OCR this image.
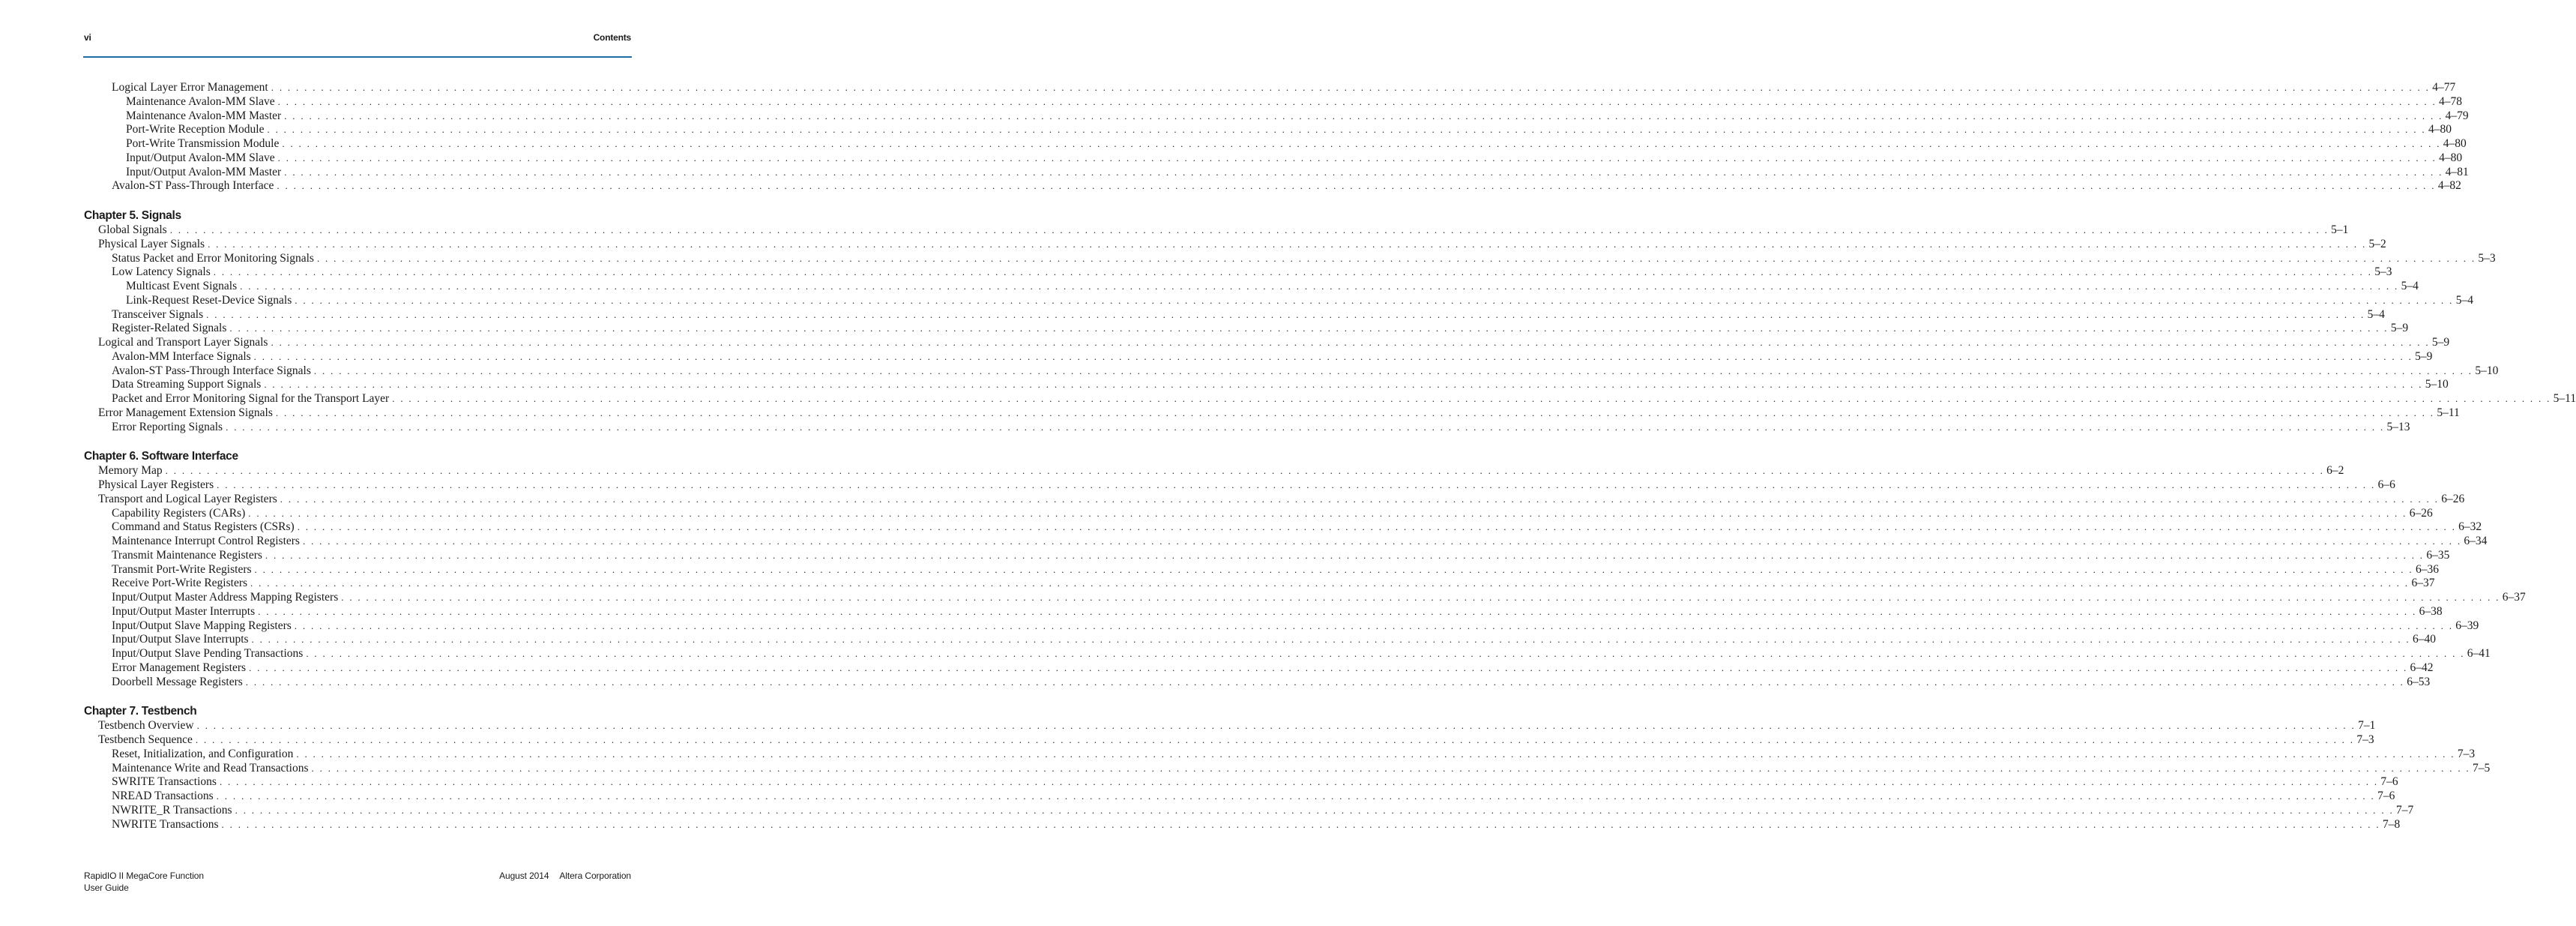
vi	Contents
Logical Layer Error Management . . . . . . . . . . . . . . . . . . . . . . . . . . . . . . . . . . . . . . . . . . . . . . . . . . . . . . . . . . . . . . . . . . . . . . . . . . . . . . . . . . . . . . . . . . . . . . . . . . . . . . . . . . . . . . . . . . . . . . . . . . . . . . . . . . . . . . . . . . . . . . . . . . . . . . . . . . . . . . . . . . . . . . . . . . . . . . . . . . . . . . . . . . . . . . . . . . . . . . . . . . . . . . . . . . . . . . . . . . . . . . . . . . . . . . . . . . . . . . . . . . . . . . . . . . . . . . . . . . . . 4–77
Maintenance Avalon-MM Slave . . . . . . . . . . . . . . . . . . . . . . . . . . . . . . . . . . . . . . . . . . . . . . . . . . . . . . . . . . . . . . . . . . . . . . . . . . . . . . . . . . . . . . . . . . . . . . . . . . . . . . . . . . . . . . . . . . . . . . . . . . . . . . . . . . . . . . . . . . . . . . . . . . . . . . . . . . . . . . . . . . . . . . . . . . . . . . . . . . . . . . . . . . . . . . . . . . . . . . . . . . . . . . . . . . . . . . . . . . . . . . . . . . . . . . . . . . . . . . . . . . . . . . . . . . . . . . . . . . . . 4–78
Maintenance Avalon-MM Master . . . . . . . . . . . . . . . . . . . . . . . . . . . . . . . . . . . . . . . . . . . . . . . . . . . . . . . . . . . . . . . . . . . . . . . . . . . . . . . . . . . . . . . . . . . . . . . . . . . . . . . . . . . . . . . . . . . . . . . . . . . . . . . . . . . . . . . . . . . . . . . . . . . . . . . . . . . . . . . . . . . . . . . . . . . . . . . . . . . . . . . . . . . . . . . . . . . . . . . . . . . . . . . . . . . . . . . . . . . . . . . . . . . . . . . . . . . . . . . . . . . . . . . . . . . . . . . . . . . . 4–79
Port-Write Reception Module . . . . . . . . . . . . . . . . . . . . . . . . . . . . . . . . . . . . . . . . . . . . . . . . . . . . . . . . . . . . . . . . . . . . . . . . . . . . . . . . . . . . . . . . . . . . . . . . . . . . . . . . . . . . . . . . . . . . . . . . . . . . . . . . . . . . . . . . . . . . . . . . . . . . . . . . . . . . . . . . . . . . . . . . . . . . . . . . . . . . . . . . . . . . . . . . . . . . . . . . . . . . . . . . . . . . . . . . . . . . . . . . . . . . . . . . . . . . . . . . . . . . . . . . . . . . . . . . . . . . 4–80
Port-Write Transmission Module . . . . . . . . . . . . . . . . . . . . . . . . . . . . . . . . . . . . . . . . . . . . . . . . . . . . . . . . . . . . . . . . . . . . . . . . . . . . . . . . . . . . . . . . . . . . . . . . . . . . . . . . . . . . . . . . . . . . . . . . . . . . . . . . . . . . . . . . . . . . . . . . . . . . . . . . . . . . . . . . . . . . . . . . . . . . . . . . . . . . . . . . . . . . . . . . . . . . . . . . . . . . . . . . . . . . . . . . . . . . . . . . . . . . . . . . . . . . . . . . . . . . . . . . . . . . . . . . . . . . 4–80
Input/Output Avalon-MM Slave . . . . . . . . . . . . . . . . . . . . . . . . . . . . . . . . . . . . . . . . . . . . . . . . . . . . . . . . . . . . . . . . . . . . . . . . . . . . . . . . . . . . . . . . . . . . . . . . . . . . . . . . . . . . . . . . . . . . . . . . . . . . . . . . . . . . . . . . . . . . . . . . . . . . . . . . . . . . . . . . . . . . . . . . . . . . . . . . . . . . . . . . . . . . . . . . . . . . . . . . . . . . . . . . . . . . . . . . . . . . . . . . . . . . . . . . . . . . . . . . . . . . . . . . . . . . . . . . . . . . 4–80
Input/Output Avalon-MM Master . . . . . . . . . . . . . . . . . . . . . . . . . . . . . . . . . . . . . . . . . . . . . . . . . . . . . . . . . . . . . . . . . . . . . . . . . . . . . . . . . . . . . . . . . . . . . . . . . . . . . . . . . . . . . . . . . . . . . . . . . . . . . . . . . . . . . . . . . . . . . . . . . . . . . . . . . . . . . . . . . . . . . . . . . . . . . . . . . . . . . . . . . . . . . . . . . . . . . . . . . . . . . . . . . . . . . . . . . . . . . . . . . . . . . . . . . . . . . . . . . . . . . . . . . . . . . . . . . . . . 4–81
Avalon-ST Pass-Through Interface . . . . . . . . . . . . . . . . . . . . . . . . . . . . . . . . . . . . . . . . . . . . . . . . . . . . . . . . . . . . . . . . . . . . . . . . . . . . . . . . . . . . . . . . . . . . . . . . . . . . . . . . . . . . . . . . . . . . . . . . . . . . . . . . . . . . . . . . . . . . . . . . . . . . . . . . . . . . . . . . . . . . . . . . . . . . . . . . . . . . . . . . . . . . . . . . . . . . . . . . . . . . . . . . . . . . . . . . . . . . . . . . . . . . . . . . . . . . . . . . . . . . . . . . . . . . . . . . . . . . 4–82
Chapter 5. Signals
Global Signals . . . . . . . . . . . . . . . . . . . . . . . . . . . . . . . . . . . . . . . . . . . . . . . . . . . . . . . . . . . . . . . . . . . . . . . . . . . . . . . . . . . . . . . . . . . . . . . . . . . . . . . . . . . . . . . . . . . . . . . . . . . . . . . . . . . . . . . . . . . . . . . . . . . . . . . . . . . . . . . . . . . . . . . . . . . . . . . . . . . . . . . . . . . . . . . . . . . . . . . . . . . . . . . . . . . . . . . . . . . . . . . . . . . . . . . . . . . . . . . . . . . . . . . . . . . . . . . . . . . . 5–1
Physical Layer Signals . . . . . . . . . . . . . . . . . . . . . . . . . . . . . . . . . . . . . . . . . . . . . . . . . . . . . . . . . . . . . . . . . . . . . . . . . . . . . . . . . . . . . . . . . . . . . . . . . . . . . . . . . . . . . . . . . . . . . . . . . . . . . . . . . . . . . . . . . . . . . . . . . . . . . . . . . . . . . . . . . . . . . . . . . . . . . . . . . . . . . . . . . . . . . . . . . . . . . . . . . . . . . . . . . . . . . . . . . . . . . . . . . . . . . . . . . . . . . . . . . . . . . . . . . . . . . . . . . . . . 5–2
Status Packet and Error Monitoring Signals . . . . . . . . . . . . . . . . . . . . . . . . . . . . . . . . . . . . . . . . . . . . . . . . . . . . . . . . . . . . . . . . . . . . . . . . . . . . . . . . . . . . . . . . . . . . . . . . . . . . . . . . . . . . . . . . . . . . . . . . . . . . . . . . . . . . . . . . . . . . . . . . . . . . . . . . . . . . . . . . . . . . . . . . . . . . . . . . . . . . . . . . . . . . . . . . . . . . . . . . . . . . . . . . . . . . . . . . . . . . . . . . . . . . . . . . . . . . . . . . . . . . . . . . . . . . . . . . . . . . 5–3
Low Latency Signals . . . . . . . . . . . . . . . . . . . . . . . . . . . . . . . . . . . . . . . . . . . . . . . . . . . . . . . . . . . . . . . . . . . . . . . . . . . . . . . . . . . . . . . . . . . . . . . . . . . . . . . . . . . . . . . . . . . . . . . . . . . . . . . . . . . . . . . . . . . . . . . . . . . . . . . . . . . . . . . . . . . . . . . . . . . . . . . . . . . . . . . . . . . . . . . . . . . . . . . . . . . . . . . . . . . . . . . . . . . . . . . . . . . . . . . . . . . . . . . . . . . . . . . . . . . . . . . . . . . . 5–3
Multicast Event Signals . . . . . . . . . . . . . . . . . . . . . . . . . . . . . . . . . . . . . . . . . . . . . . . . . . . . . . . . . . . . . . . . . . . . . . . . . . . . . . . . . . . . . . . . . . . . . . . . . . . . . . . . . . . . . . . . . . . . . . . . . . . . . . . . . . . . . . . . . . . . . . . . . . . . . . . . . . . . . . . . . . . . . . . . . . . . . . . . . . . . . . . . . . . . . . . . . . . . . . . . . . . . . . . . . . . . . . . . . . . . . . . . . . . . . . . . . . . . . . . . . . . . . . . . . . . . . . . . . . . . 5–4
Link-Request Reset-Device Signals . . . . . . . . . . . . . . . . . . . . . . . . . . . . . . . . . . . . . . . . . . . . . . . . . . . . . . . . . . . . . . . . . . . . . . . . . . . . . . . . . . . . . . . . . . . . . . . . . . . . . . . . . . . . . . . . . . . . . . . . . . . . . . . . . . . . . . . . . . . . . . . . . . . . . . . . . . . . . . . . . . . . . . . . . . . . . . . . . . . . . . . . . . . . . . . . . . . . . . . . . . . . . . . . . . . . . . . . . . . . . . . . . . . . . . . . . . . . . . . . . . . . . . . . . . . . . . . . . . . . 5–4
Transceiver Signals . . . . . . . . . . . . . . . . . . . . . . . . . . . . . . . . . . . . . . . . . . . . . . . . . . . . . . . . . . . . . . . . . . . . . . . . . . . . . . . . . . . . . . . . . . . . . . . . . . . . . . . . . . . . . . . . . . . . . . . . . . . . . . . . . . . . . . . . . . . . . . . . . . . . . . . . . . . . . . . . . . . . . . . . . . . . . . . . . . . . . . . . . . . . . . . . . . . . . . . . . . . . . . . . . . . . . . . . . . . . . . . . . . . . . . . . . . . . . . . . . . . . . . . . . . . . . . . . . . . . 5–4
Register-Related Signals . . . . . . . . . . . . . . . . . . . . . . . . . . . . . . . . . . . . . . . . . . . . . . . . . . . . . . . . . . . . . . . . . . . . . . . . . . . . . . . . . . . . . . . . . . . . . . . . . . . . . . . . . . . . . . . . . . . . . . . . . . . . . . . . . . . . . . . . . . . . . . . . . . . . . . . . . . . . . . . . . . . . . . . . . . . . . . . . . . . . . . . . . . . . . . . . . . . . . . . . . . . . . . . . . . . . . . . . . . . . . . . . . . . . . . . . . . . . . . . . . . . . . . . . . . . . . . . . . . . . 5–9
Logical and Transport Layer Signals . . . . . . . . . . . . . . . . . . . . . . . . . . . . . . . . . . . . . . . . . . . . . . . . . . . . . . . . . . . . . . . . . . . . . . . . . . . . . . . . . . . . . . . . . . . . . . . . . . . . . . . . . . . . . . . . . . . . . . . . . . . . . . . . . . . . . . . . . . . . . . . . . . . . . . . . . . . . . . . . . . . . . . . . . . . . . . . . . . . . . . . . . . . . . . . . . . . . . . . . . . . . . . . . . . . . . . . . . . . . . . . . . . . . . . . . . . . . . . . . . . . . . . . . . . . . . . . . . . . . 5–9
Avalon-MM Interface Signals . . . . . . . . . . . . . . . . . . . . . . . . . . . . . . . . . . . . . . . . . . . . . . . . . . . . . . . . . . . . . . . . . . . . . . . . . . . . . . . . . . . . . . . . . . . . . . . . . . . . . . . . . . . . . . . . . . . . . . . . . . . . . . . . . . . . . . . . . . . . . . . . . . . . . . . . . . . . . . . . . . . . . . . . . . . . . . . . . . . . . . . . . . . . . . . . . . . . . . . . . . . . . . . . . . . . . . . . . . . . . . . . . . . . . . . . . . . . . . . . . . . . . . . . . . . . . . . . . . . . 5–9
Avalon-ST Pass-Through Interface Signals . . . . . . . . . . . . . . . . . . . . . . . . . . . . . . . . . . . . . . . . . . . . . . . . . . . . . . . . . . . . . . . . . . . . . . . . . . . . . . . . . . . . . . . . . . . . . . . . . . . . . . . . . . . . . . . . . . . . . . . . . . . . . . . . . . . . . . . . . . . . . . . . . . . . . . . . . . . . . . . . . . . . . . . . . . . . . . . . . . . . . . . . . . . . . . . . . . . . . . . . . . . . . . . . . . . . . . . . . . . . . . . . . . . . . . . . . . . . . . . . . . . . . . . . . . . . . . . . . . . . 5–10
Data Streaming Support Signals . . . . . . . . . . . . . . . . . . . . . . . . . . . . . . . . . . . . . . . . . . . . . . . . . . . . . . . . . . . . . . . . . . . . . . . . . . . . . . . . . . . . . . . . . . . . . . . . . . . . . . . . . . . . . . . . . . . . . . . . . . . . . . . . . . . . . . . . . . . . . . . . . . . . . . . . . . . . . . . . . . . . . . . . . . . . . . . . . . . . . . . . . . . . . . . . . . . . . . . . . . . . . . . . . . . . . . . . . . . . . . . . . . . . . . . . . . . . . . . . . . . . . . . . . . . . . . . . . . . . 5–10
Packet and Error Monitoring Signal for the Transport Layer . . . . . . . . . . . . . . . . . . . . . . . . . . . . . . . . . . . . . . . . . . . . . . . . . . . . . . . . . . . . . . . . . . . . . . . . . . . . . . . . . . . . . . . . . . . . . . . . . . . . . . . . . . . . . . . . . . . . . . . . . . . . . . . . . . . . . . . . . . . . . . . . . . . . . . . . . . . . . . . . . . . . . . . . . . . . . . . . . . . . . . . . . . . . . . . . . . . . . . . . . . . . . . . . . . . . . . . . . . . . . . . . . . . . . . . . . . . . . . . . . . . . . . . . . . . . . . . . . . . . 5–11
Error Management Extension Signals . . . . . . . . . . . . . . . . . . . . . . . . . . . . . . . . . . . . . . . . . . . . . . . . . . . . . . . . . . . . . . . . . . . . . . . . . . . . . . . . . . . . . . . . . . . . . . . . . . . . . . . . . . . . . . . . . . . . . . . . . . . . . . . . . . . . . . . . . . . . . . . . . . . . . . . . . . . . . . . . . . . . . . . . . . . . . . . . . . . . . . . . . . . . . . . . . . . . . . . . . . . . . . . . . . . . . . . . . . . . . . . . . . . . . . . . . . . . . . . . . . . . . . . . . . . . . . . . . . . . 5–11
Error Reporting Signals . . . . . . . . . . . . . . . . . . . . . . . . . . . . . . . . . . . . . . . . . . . . . . . . . . . . . . . . . . . . . . . . . . . . . . . . . . . . . . . . . . . . . . . . . . . . . . . . . . . . . . . . . . . . . . . . . . . . . . . . . . . . . . . . . . . . . . . . . . . . . . . . . . . . . . . . . . . . . . . . . . . . . . . . . . . . . . . . . . . . . . . . . . . . . . . . . . . . . . . . . . . . . . . . . . . . . . . . . . . . . . . . . . . . . . . . . . . . . . . . . . . . . . . . . . . . . . . . . . . . 5–13
Chapter 6. Software Interface
Memory Map . . . . . . . . . . . . . . . . . . . . . . . . . . . . . . . . . . . . . . . . . . . . . . . . . . . . . . . . . . . . . . . . . . . . . . . . . . . . . . . . . . . . . . . . . . . . . . . . . . . . . . . . . . . . . . . . . . . . . . . . . . . . . . . . . . . . . . . . . . . . . . . . . . . . . . . . . . . . . . . . . . . . . . . . . . . . . . . . . . . . . . . . . . . . . . . . . . . . . . . . . . . . . . . . . . . . . . . . . . . . . . . . . . . . . . . . . . . . . . . . . . . . . . . . . . . . . . . . . . . . 6–2
Physical Layer Registers . . . . . . . . . . . . . . . . . . . . . . . . . . . . . . . . . . . . . . . . . . . . . . . . . . . . . . . . . . . . . . . . . . . . . . . . . . . . . . . . . . . . . . . . . . . . . . . . . . . . . . . . . . . . . . . . . . . . . . . . . . . . . . . . . . . . . . . . . . . . . . . . . . . . . . . . . . . . . . . . . . . . . . . . . . . . . . . . . . . . . . . . . . . . . . . . . . . . . . . . . . . . . . . . . . . . . . . . . . . . . . . . . . . . . . . . . . . . . . . . . . . . . . . . . . . . . . . . . . . . 6–6
Transport and Logical Layer Registers . . . . . . . . . . . . . . . . . . . . . . . . . . . . . . . . . . . . . . . . . . . . . . . . . . . . . . . . . . . . . . . . . . . . . . . . . . . . . . . . . . . . . . . . . . . . . . . . . . . . . . . . . . . . . . . . . . . . . . . . . . . . . . . . . . . . . . . . . . . . . . . . . . . . . . . . . . . . . . . . . . . . . . . . . . . . . . . . . . . . . . . . . . . . . . . . . . . . . . . . . . . . . . . . . . . . . . . . . . . . . . . . . . . . . . . . . . . . . . . . . . . . . . . . . . . . . . . . . . . . 6–26
Capability Registers (CARs) . . . . . . . . . . . . . . . . . . . . . . . . . . . . . . . . . . . . . . . . . . . . . . . . . . . . . . . . . . . . . . . . . . . . . . . . . . . . . . . . . . . . . . . . . . . . . . . . . . . . . . . . . . . . . . . . . . . . . . . . . . . . . . . . . . . . . . . . . . . . . . . . . . . . . . . . . . . . . . . . . . . . . . . . . . . . . . . . . . . . . . . . . . . . . . . . . . . . . . . . . . . . . . . . . . . . . . . . . . . . . . . . . . . . . . . . . . . . . . . . . . . . . . . . . . . . . . . . . . . . 6–26
Command and Status Registers (CSRs) . . . . . . . . . . . . . . . . . . . . . . . . . . . . . . . . . . . . . . . . . . . . . . . . . . . . . . . . . . . . . . . . . . . . . . . . . . . . . . . . . . . . . . . . . . . . . . . . . . . . . . . . . . . . . . . . . . . . . . . . . . . . . . . . . . . . . . . . . . . . . . . . . . . . . . . . . . . . . . . . . . . . . . . . . . . . . . . . . . . . . . . . . . . . . . . . . . . . . . . . . . . . . . . . . . . . . . . . . . . . . . . . . . . . . . . . . . . . . . . . . . . . . . . . . . . . . . . . . . . . 6–32
Maintenance Interrupt Control Registers . . . . . . . . . . . . . . . . . . . . . . . . . . . . . . . . . . . . . . . . . . . . . . . . . . . . . . . . . . . . . . . . . . . . . . . . . . . . . . . . . . . . . . . . . . . . . . . . . . . . . . . . . . . . . . . . . . . . . . . . . . . . . . . . . . . . . . . . . . . . . . . . . . . . . . . . . . . . . . . . . . . . . . . . . . . . . . . . . . . . . . . . . . . . . . . . . . . . . . . . . . . . . . . . . . . . . . . . . . . . . . . . . . . . . . . . . . . . . . . . . . . . . . . . . . . . . . . . . . . . 6–34
Transmit Maintenance Registers . . . . . . . . . . . . . . . . . . . . . . . . . . . . . . . . . . . . . . . . . . . . . . . . . . . . . . . . . . . . . . . . . . . . . . . . . . . . . . . . . . . . . . . . . . . . . . . . . . . . . . . . . . . . . . . . . . . . . . . . . . . . . . . . . . . . . . . . . . . . . . . . . . . . . . . . . . . . . . . . . . . . . . . . . . . . . . . . . . . . . . . . . . . . . . . . . . . . . . . . . . . . . . . . . . . . . . . . . . . . . . . . . . . . . . . . . . . . . . . . . . . . . . . . . . . . . . . . . . . . 6–35
Transmit Port-Write Registers . . . . . . . . . . . . . . . . . . . . . . . . . . . . . . . . . . . . . . . . . . . . . . . . . . . . . . . . . . . . . . . . . . . . . . . . . . . . . . . . . . . . . . . . . . . . . . . . . . . . . . . . . . . . . . . . . . . . . . . . . . . . . . . . . . . . . . . . . . . . . . . . . . . . . . . . . . . . . . . . . . . . . . . . . . . . . . . . . . . . . . . . . . . . . . . . . . . . . . . . . . . . . . . . . . . . . . . . . . . . . . . . . . . . . . . . . . . . . . . . . . . . . . . . . . . . . . . . . . . . 6–36
Receive Port-Write Registers . . . . . . . . . . . . . . . . . . . . . . . . . . . . . . . . . . . . . . . . . . . . . . . . . . . . . . . . . . . . . . . . . . . . . . . . . . . . . . . . . . . . . . . . . . . . . . . . . . . . . . . . . . . . . . . . . . . . . . . . . . . . . . . . . . . . . . . . . . . . . . . . . . . . . . . . . . . . . . . . . . . . . . . . . . . . . . . . . . . . . . . . . . . . . . . . . . . . . . . . . . . . . . . . . . . . . . . . . . . . . . . . . . . . . . . . . . . . . . . . . . . . . . . . . . . . . . . . . . . . 6–37
Input/Output Master Address Mapping Registers . . . . . . . . . . . . . . . . . . . . . . . . . . . . . . . . . . . . . . . . . . . . . . . . . . . . . . . . . . . . . . . . . . . . . . . . . . . . . . . . . . . . . . . . . . . . . . . . . . . . . . . . . . . . . . . . . . . . . . . . . . . . . . . . . . . . . . . . . . . . . . . . . . . . . . . . . . . . . . . . . . . . . . . . . . . . . . . . . . . . . . . . . . . . . . . . . . . . . . . . . . . . . . . . . . . . . . . . . . . . . . . . . . . . . . . . . . . . . . . . . . . . . . . . . . . . . . . . . . . . 6–37
Input/Output Master Interrupts . . . . . . . . . . . . . . . . . . . . . . . . . . . . . . . . . . . . . . . . . . . . . . . . . . . . . . . . . . . . . . . . . . . . . . . . . . . . . . . . . . . . . . . . . . . . . . . . . . . . . . . . . . . . . . . . . . . . . . . . . . . . . . . . . . . . . . . . . . . . . . . . . . . . . . . . . . . . . . . . . . . . . . . . . . . . . . . . . . . . . . . . . . . . . . . . . . . . . . . . . . . . . . . . . . . . . . . . . . . . . . . . . . . . . . . . . . . . . . . . . . . . . . . . . . . . . . . . . . . . 6–38
Input/Output Slave Mapping Registers . . . . . . . . . . . . . . . . . . . . . . . . . . . . . . . . . . . . . . . . . . . . . . . . . . . . . . . . . . . . . . . . . . . . . . . . . . . . . . . . . . . . . . . . . . . . . . . . . . . . . . . . . . . . . . . . . . . . . . . . . . . . . . . . . . . . . . . . . . . . . . . . . . . . . . . . . . . . . . . . . . . . . . . . . . . . . . . . . . . . . . . . . . . . . . . . . . . . . . . . . . . . . . . . . . . . . . . . . . . . . . . . . . . . . . . . . . . . . . . . . . . . . . . . . . . . . . . . . . . . 6–39
Input/Output Slave Interrupts . . . . . . . . . . . . . . . . . . . . . . . . . . . . . . . . . . . . . . . . . . . . . . . . . . . . . . . . . . . . . . . . . . . . . . . . . . . . . . . . . . . . . . . . . . . . . . . . . . . . . . . . . . . . . . . . . . . . . . . . . . . . . . . . . . . . . . . . . . . . . . . . . . . . . . . . . . . . . . . . . . . . . . . . . . . . . . . . . . . . . . . . . . . . . . . . . . . . . . . . . . . . . . . . . . . . . . . . . . . . . . . . . . . . . . . . . . . . . . . . . . . . . . . . . . . . . . . . . . . . 6–40
Input/Output Slave Pending Transactions . . . . . . . . . . . . . . . . . . . . . . . . . . . . . . . . . . . . . . . . . . . . . . . . . . . . . . . . . . . . . . . . . . . . . . . . . . . . . . . . . . . . . . . . . . . . . . . . . . . . . . . . . . . . . . . . . . . . . . . . . . . . . . . . . . . . . . . . . . . . . . . . . . . . . . . . . . . . . . . . . . . . . . . . . . . . . . . . . . . . . . . . . . . . . . . . . . . . . . . . . . . . . . . . . . . . . . . . . . . . . . . . . . . . . . . . . . . . . . . . . . . . . . . . . . . . . . . . . . . . 6–41
Error Management Registers . . . . . . . . . . . . . . . . . . . . . . . . . . . . . . . . . . . . . . . . . . . . . . . . . . . . . . . . . . . . . . . . . . . . . . . . . . . . . . . . . . . . . . . . . . . . . . . . . . . . . . . . . . . . . . . . . . . . . . . . . . . . . . . . . . . . . . . . . . . . . . . . . . . . . . . . . . . . . . . . . . . . . . . . . . . . . . . . . . . . . . . . . . . . . . . . . . . . . . . . . . . . . . . . . . . . . . . . . . . . . . . . . . . . . . . . . . . . . . . . . . . . . . . . . . . . . . . . . . . . 6–42
Doorbell Message Registers . . . . . . . . . . . . . . . . . . . . . . . . . . . . . . . . . . . . . . . . . . . . . . . . . . . . . . . . . . . . . . . . . . . . . . . . . . . . . . . . . . . . . . . . . . . . . . . . . . . . . . . . . . . . . . . . . . . . . . . . . . . . . . . . . . . . . . . . . . . . . . . . . . . . . . . . . . . . . . . . . . . . . . . . . . . . . . . . . . . . . . . . . . . . . . . . . . . . . . . . . . . . . . . . . . . . . . . . . . . . . . . . . . . . . . . . . . . . . . . . . . . . . . . . . . . . . . . . . . . . 6–53
Chapter 7. Testbench
Testbench Overview . . . . . . . . . . . . . . . . . . . . . . . . . . . . . . . . . . . . . . . . . . . . . . . . . . . . . . . . . . . . . . . . . . . . . . . . . . . . . . . . . . . . . . . . . . . . . . . . . . . . . . . . . . . . . . . . . . . . . . . . . . . . . . . . . . . . . . . . . . . . . . . . . . . . . . . . . . . . . . . . . . . . . . . . . . . . . . . . . . . . . . . . . . . . . . . . . . . . . . . . . . . . . . . . . . . . . . . . . . . . . . . . . . . . . . . . . . . . . . . . . . . . . . . . . . . . . . . . . . . . 7–1
Testbench Sequence . . . . . . . . . . . . . . . . . . . . . . . . . . . . . . . . . . . . . . . . . . . . . . . . . . . . . . . . . . . . . . . . . . . . . . . . . . . . . . . . . . . . . . . . . . . . . . . . . . . . . . . . . . . . . . . . . . . . . . . . . . . . . . . . . . . . . . . . . . . . . . . . . . . . . . . . . . . . . . . . . . . . . . . . . . . . . . . . . . . . . . . . . . . . . . . . . . . . . . . . . . . . . . . . . . . . . . . . . . . . . . . . . . . . . . . . . . . . . . . . . . . . . . . . . . . . . . . . . . . . 7–3
Reset, Initialization, and Configuration . . . . . . . . . . . . . . . . . . . . . . . . . . . . . . . . . . . . . . . . . . . . . . . . . . . . . . . . . . . . . . . . . . . . . . . . . . . . . . . . . . . . . . . . . . . . . . . . . . . . . . . . . . . . . . . . . . . . . . . . . . . . . . . . . . . . . . . . . . . . . . . . . . . . . . . . . . . . . . . . . . . . . . . . . . . . . . . . . . . . . . . . . . . . . . . . . . . . . . . . . . . . . . . . . . . . . . . . . . . . . . . . . . . . . . . . . . . . . . . . . . . . . . . . . . . . . . . . . . . . 7–3
Maintenance Write and Read Transactions . . . . . . . . . . . . . . . . . . . . . . . . . . . . . . . . . . . . . . . . . . . . . . . . . . . . . . . . . . . . . . . . . . . . . . . . . . . . . . . . . . . . . . . . . . . . . . . . . . . . . . . . . . . . . . . . . . . . . . . . . . . . . . . . . . . . . . . . . . . . . . . . . . . . . . . . . . . . . . . . . . . . . . . . . . . . . . . . . . . . . . . . . . . . . . . . . . . . . . . . . . . . . . . . . . . . . . . . . . . . . . . . . . . . . . . . . . . . . . . . . . . . . . . . . . . . . . . . . . . . 7–5
SWRITE Transactions . . . . . . . . . . . . . . . . . . . . . . . . . . . . . . . . . . . . . . . . . . . . . . . . . . . . . . . . . . . . . . . . . . . . . . . . . . . . . . . . . . . . . . . . . . . . . . . . . . . . . . . . . . . . . . . . . . . . . . . . . . . . . . . . . . . . . . . . . . . . . . . . . . . . . . . . . . . . . . . . . . . . . . . . . . . . . . . . . . . . . . . . . . . . . . . . . . . . . . . . . . . . . . . . . . . . . . . . . . . . . . . . . . . . . . . . . . . . . . . . . . . . . . . . . . . . . . . . . . . . 7–6
NREAD Transactions . . . . . . . . . . . . . . . . . . . . . . . . . . . . . . . . . . . . . . . . . . . . . . . . . . . . . . . . . . . . . . . . . . . . . . . . . . . . . . . . . . . . . . . . . . . . . . . . . . . . . . . . . . . . . . . . . . . . . . . . . . . . . . . . . . . . . . . . . . . . . . . . . . . . . . . . . . . . . . . . . . . . . . . . . . . . . . . . . . . . . . . . . . . . . . . . . . . . . . . . . . . . . . . . . . . . . . . . . . . . . . . . . . . . . . . . . . . . . . . . . . . . . . . . . . . . . . . . . . . . 7–6
NWRITE_R Transactions . . . . . . . . . . . . . . . . . . . . . . . . . . . . . . . . . . . . . . . . . . . . . . . . . . . . . . . . . . . . . . . . . . . . . . . . . . . . . . . . . . . . . . . . . . . . . . . . . . . . . . . . . . . . . . . . . . . . . . . . . . . . . . . . . . . . . . . . . . . . . . . . . . . . . . . . . . . . . . . . . . . . . . . . . . . . . . . . . . . . . . . . . . . . . . . . . . . . . . . . . . . . . . . . . . . . . . . . . . . . . . . . . . . . . . . . . . . . . . . . . . . . . . . . . . . . . . . . . . . . 7–7
NWRITE Transactions . . . . . . . . . . . . . . . . . . . . . . . . . . . . . . . . . . . . . . . . . . . . . . . . . . . . . . . . . . . . . . . . . . . . . . . . . . . . . . . . . . . . . . . . . . . . . . . . . . . . . . . . . . . . . . . . . . . . . . . . . . . . . . . . . . . . . . . . . . . . . . . . . . . . . . . . . . . . . . . . . . . . . . . . . . . . . . . . . . . . . . . . . . . . . . . . . . . . . . . . . . . . . . . . . . . . . . . . . . . . . . . . . . . . . . . . . . . . . . . . . . . . . . . . . . . . . . . . . . . . 7–8
RapidIO II MegaCore Function
User Guide
August 2014 Altera Corporation
